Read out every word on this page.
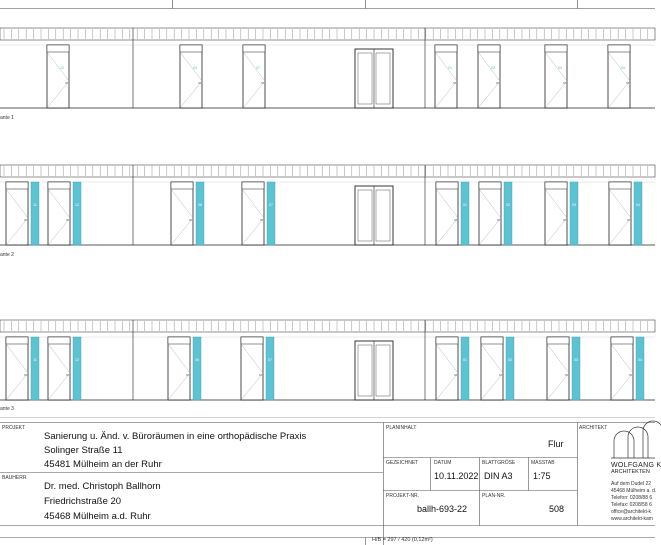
12	04	07	01	02	03	04
11	12	06	07	01	02	03	04
11	12	06	07	01	02	03	04
ante 1
ante 2
ante 3
PROJEKT
Sanierung u. Änd. v. Büroräumen in eine orthopädische Praxis
Solinger Straße 11
45481 Mülheim an der Ruhr
BAUHERR
Dr. med. Christoph Ballhorn
Friedrichstraße 20
45468 Mülheim a.d. Ruhr
PLANINHALT
Flur
GEZEICHNET	DATUM
10.11.2022
BLATTGRÖSE
DIN A3
MASSTAB
1:75
PROJEKT-NR.
ballh-693-22
PLAN-NR.
508
ARCHITEKT
WOLFGANG K
ARCHITEKTEN
Auf dem Dudel 22
45468 Mülheim a. d.
Telefon: 0208/88 6
Telefax: 0208/58 6
office@architekt-k
www.architekt-kam
H/B = 297 / 420 (0,12m²)
